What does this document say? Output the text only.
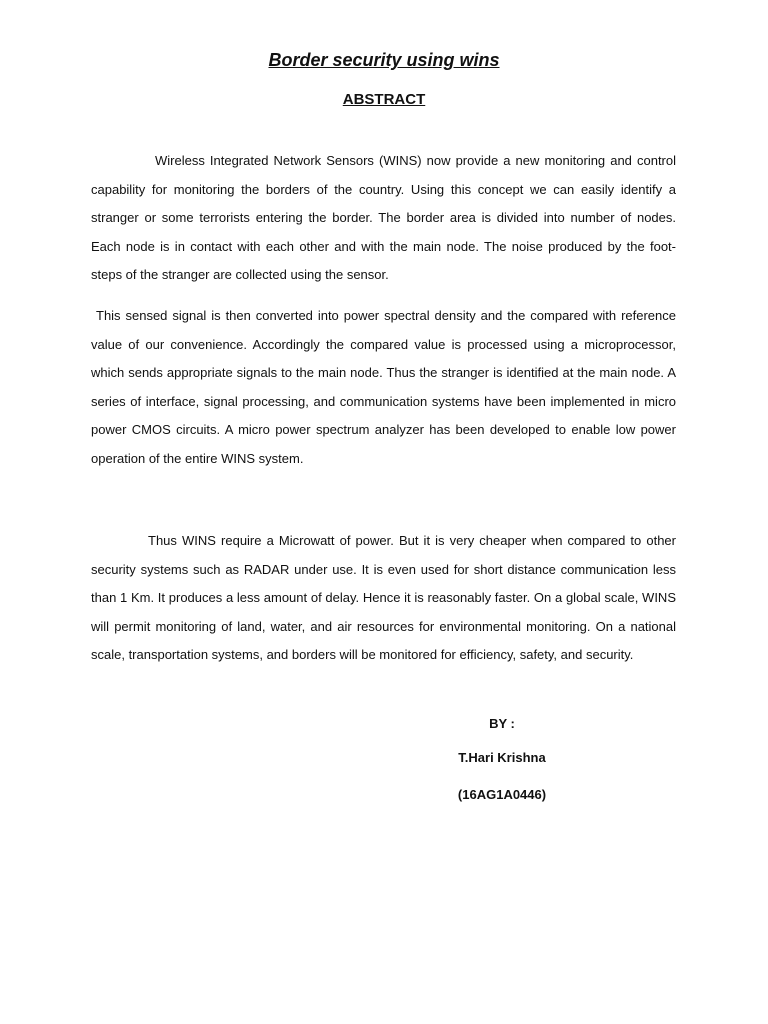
Border security using wins
ABSTRACT

Wireless Integrated Network Sensors (WINS) now provide a new monitoring and control capability for monitoring the borders of the country. Using this concept we can easily identify a stranger or some terrorists entering the border. The border area is divided into number of nodes. Each node is in contact with each other and with the main node. The noise produced by the foot-steps of the stranger are collected using the sensor.

This sensed signal is then converted into power spectral density and the compared with reference value of our convenience. Accordingly the compared value is processed using a microprocessor, which sends appropriate signals to the main node. Thus the stranger is identified at the main node. A series of interface, signal processing, and communication systems have been implemented in micro power CMOS circuits. A micro power spectrum analyzer has been developed to enable low power operation of the entire WINS system.

Thus WINS require a Microwatt of power. But it is very cheaper when compared to other security systems such as RADAR under use. It is even used for short distance communication less than 1 Km. It produces a less amount of delay. Hence it is reasonably faster. On a global scale, WINS will permit monitoring of land, water, and air resources for environmental monitoring. On a national scale, transportation systems, and borders will be monitored for efficiency, safety, and security.

BY :

T.Hari Krishna

(16AG1A0446)
